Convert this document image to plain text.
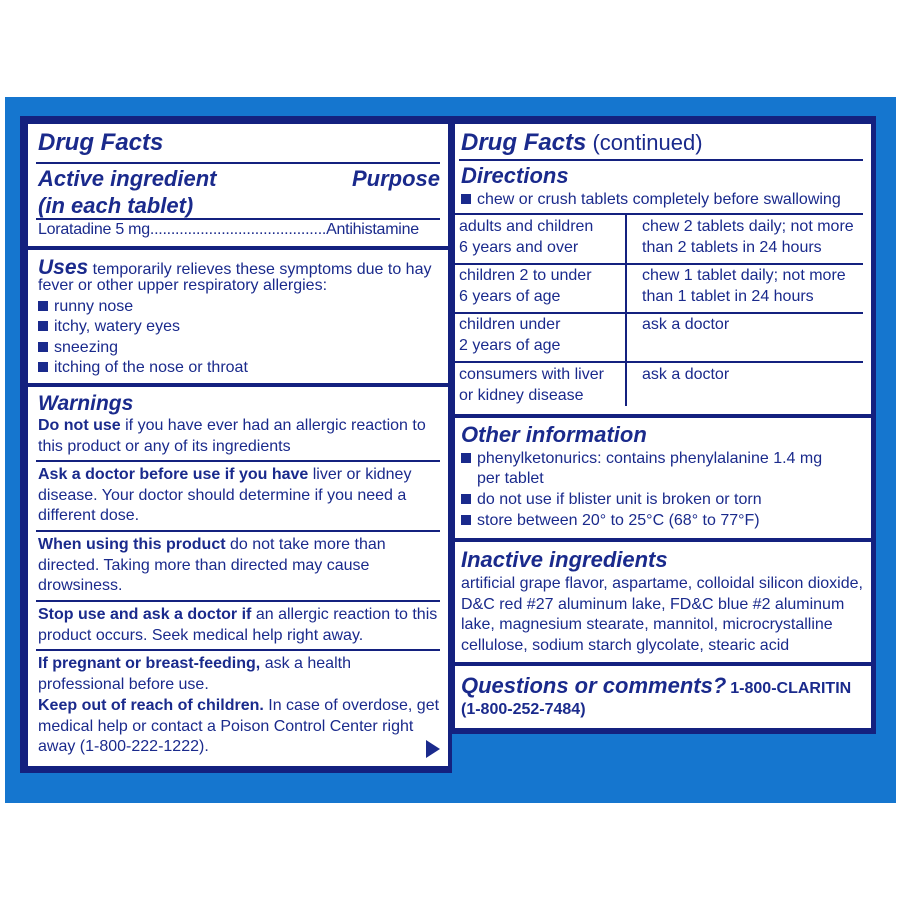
Drug Facts
Active ingredient
(in each tablet)
Purpose
Loratadine 5 mg..........................................Antihistamine
Uses temporarily relieves these symptoms due to hay
fever or other upper respiratory allergies:
runny nose
itchy, watery eyes
sneezing
itching of the nose or throat
Warnings
Do not use if you have ever had an allergic reaction to
this product or any of its ingredients
Ask a doctor before use if you have liver or kidney
disease. Your doctor should determine if you need a
different dose.
When using this product do not take more than
directed. Taking more than directed may cause
drowsiness.
Stop use and ask a doctor if an allergic reaction to this
product occurs. Seek medical help right away.
If pregnant or breast-feeding, ask a health
professional before use.
Keep out of reach of children. In case of overdose, get
medical help or contact a Poison Control Center right
away (1-800-222-1222).
Drug Facts (continued)
Directions
chew or crush tablets completely before swallowing
adults and children
6 years and over
chew 2 tablets daily; not more
than 2 tablets in 24 hours
children 2 to under
6 years of age
chew 1 tablet daily; not more
than 1 tablet in 24 hours
children under
2 years of age
ask a doctor
consumers with liver
or kidney disease
ask a doctor
Other information
phenylketonurics: contains phenylalanine 1.4 mg
per tablet
do not use if blister unit is broken or torn
store between 20° to 25°C (68° to 77°F)
Inactive ingredients
artificial grape flavor, aspartame, colloidal silicon dioxide,
D&C red #27 aluminum lake, FD&C blue #2 aluminum
lake, magnesium stearate, mannitol, microcrystalline
cellulose, sodium starch glycolate, stearic acid
Questions or comments? 1-800-CLARITIN
(1-800-252-7484)
